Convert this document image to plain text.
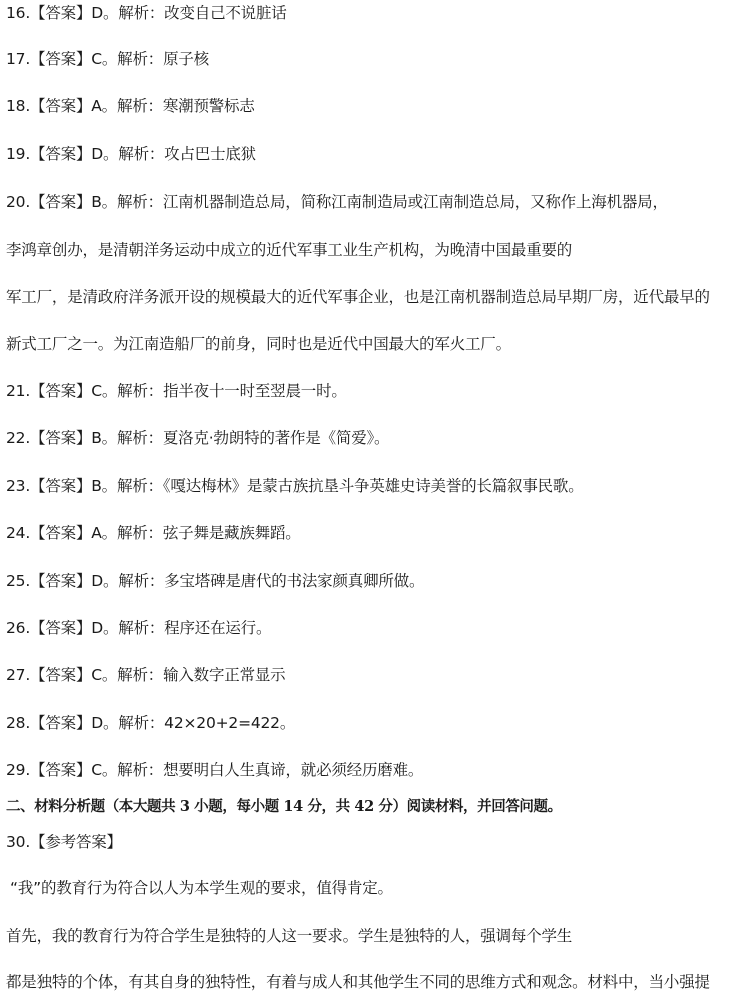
16.【答案】D。解析：改变自己不说脏话
17.【答案】C。解析：原子核
18.【答案】A。解析：寒潮预警标志
19.【答案】D。解析：攻占巴士底狱
20.【答案】B。解析：江南机器制造总局，简称江南制造局或江南制造总局，又称作上海机器局，
李鸿章创办，是清朝洋务运动中成立的近代军事工业生产机构，为晚清中国最重要的
军工厂，是清政府洋务派开设的规模最大的近代军事企业，也是江南机器制造总局早期厂房，近代最早的
新式工厂之一。为江南造船厂的前身，同时也是近代中国最大的军火工厂。
21.【答案】C。解析：指半夜十一时至翌晨一时。
22.【答案】B。解析：夏洛克·勃朗特的著作是《简爱》。
23.【答案】B。解析：《嘎达梅林》是蒙古族抗垦斗争英雄史诗美誉的长篇叙事民歌。
24.【答案】A。解析：弦子舞是藏族舞蹈。
25.【答案】D。解析：多宝塔碑是唐代的书法家颜真卿所做。
26.【答案】D。解析：程序还在运行。
27.【答案】C。解析：输入数字正常显示
28.【答案】D。解析：42×20+2=422。
29.【答案】C。解析：想要明白人生真谛，就必须经历磨难。
二、材料分析题（本大题共 3 小题，每小题 14 分，共 42 分）阅读材料，并回答问题。
30.【参考答案】
“我”的教育行为符合以人为本学生观的要求，值得肯定。
首先，我的教育行为符合学生是独特的人这一要求。学生是独特的人，强调每个学生
都是独特的个体，有其自身的独特性，有着与成人和其他学生不同的思维方式和观念。材料中，当小强提
